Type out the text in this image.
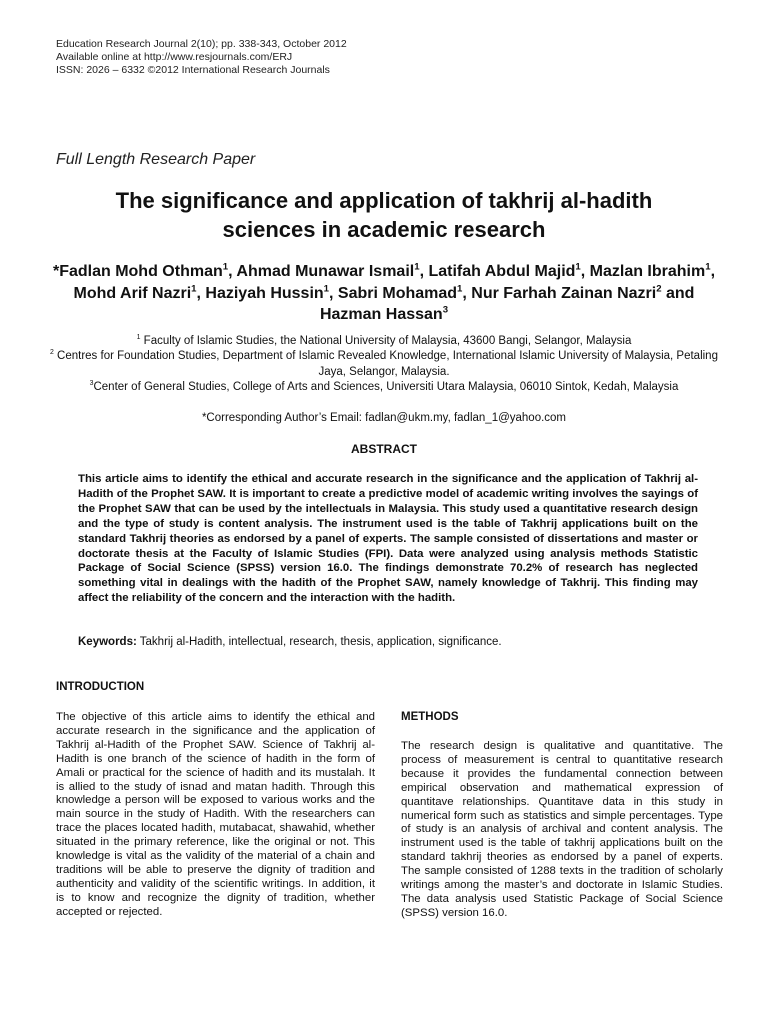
Education Research Journal 2(10); pp. 338-343, October 2012
Available online at http://www.resjournals.com/ERJ
ISSN: 2026 – 6332 ©2012 International Research Journals
Full Length Research Paper
The significance and application of takhrij al-hadith
sciences in academic research
*Fadlan Mohd Othman$^1$, Ahmad Munawar Ismail$^1$, Latifah Abdul Majid$^1$, Mazlan Ibrahim$^1$, Mohd Arif Nazri$^1$, Haziyah Hussin$^1$, Sabri Mohamad$^1$, Nur Farhah Zainan Nazri$^2$ and Hazman Hassan$^3$
$^1$ Faculty of Islamic Studies, the National University of Malaysia, 43600 Bangi, Selangor, Malaysia
$^2$ Centres for Foundation Studies, Department of Islamic Revealed Knowledge, International Islamic University of Malaysia, Petaling Jaya, Selangor, Malaysia.
$^3$Center of General Studies, College of Arts and Sciences, Universiti Utara Malaysia, 06010 Sintok, Kedah, Malaysia
*Corresponding Author’s Email: fadlan@ukm.my, fadlan_1@yahoo.com
ABSTRACT
This article aims to identify the ethical and accurate research in the significance and the application of Takhrij al-Hadith of the Prophet SAW. It is important to create a predictive model of academic writing involves the sayings of the Prophet SAW that can be used by the intellectuals in Malaysia. This study used a quantitative research design and the type of study is content analysis. The instrument used is the table of Takhrij applications built on the standard Takhrij theories as endorsed by a panel of experts. The sample consisted of dissertations and master or doctorate thesis at the Faculty of Islamic Studies (FPI). Data were analyzed using analysis methods Statistic Package of Social Science (SPSS) version 16.0. The findings demonstrate 70.2% of research has neglected something vital in dealings with the hadith of the Prophet SAW, namely knowledge of Takhrij. This finding may affect the reliability of the concern and the interaction with the hadith.
Keywords: Takhrij al-Hadith, intellectual, research, thesis, application, significance.
INTRODUCTION
The objective of this article aims to identify the ethical and accurate research in the significance and the application of Takhrij al-Hadith of the Prophet SAW. Science of Takhrij al-Hadith is one branch of the science of hadith in the form of Amali or practical for the science of hadith and its mustalah. It is allied to the study of isnad and matan hadith. Through this knowledge a person will be exposed to various works and the main source in the study of Hadith. With the researchers can trace the places located hadith, mutabacat, shawahid, whether situated in the primary reference, like the original or not. This knowledge is vital as the validity of the material of a chain and traditions will be able to preserve the dignity of tradition and authenticity and validity of the scientific writings. In addition, it is to know and recognize the dignity of tradition, whether accepted or rejected.
METHODS
The research design is qualitative and quantitative. The process of measurement is central to quantitative research because it provides the fundamental connection between empirical observation and mathematical expression of quantitave relationships. Quantitave data in this study in numerical form such as statistics and simple percentages. Type of study is an analysis of archival and content analysis. The instrument used is the table of takhrij applications built on the standard takhrij theories as endorsed by a panel of experts. The sample consisted of 1288 texts in the tradition of scholarly writings among the master’s and doctorate in Islamic Studies. The data analysis used Statistic Package of Social Science (SPSS) version 16.0.
